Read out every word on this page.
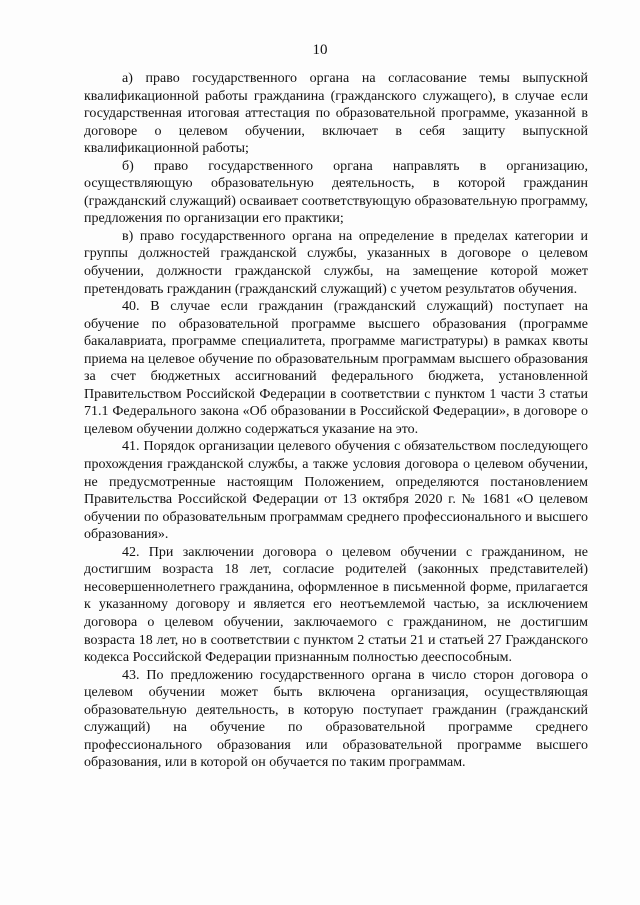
10

а) право государственного органа на согласование темы выпускной квалификационной работы гражданина (гражданского служащего), в случае если государственная итоговая аттестация по образовательной программе, указанной в договоре о целевом обучении, включает в себя защиту выпускной квалификационной работы;

б) право государственного органа направлять в организацию, осуществляющую образовательную деятельность, в которой гражданин (гражданский служащий) осваивает соответствующую образовательную программу, предложения по организации его практики;

в) право государственного органа на определение в пределах категории и группы должностей гражданской службы, указанных в договоре о целевом обучении, должности гражданской службы, на замещение которой может претендовать гражданин (гражданский служащий) с учетом результатов обучения.

40. В случае если гражданин (гражданский служащий) поступает на обучение по образовательной программе высшего образования (программе бакалавриата, программе специалитета, программе магистратуры) в рамках квоты приема на целевое обучение по образовательным программам высшего образования за счет бюджетных ассигнований федерального бюджета, установленной Правительством Российской Федерации в соответствии с пунктом 1 части 3 статьи 71.1 Федерального закона «Об образовании в Российской Федерации», в договоре о целевом обучении должно содержаться указание на это.

41. Порядок организации целевого обучения с обязательством последующего прохождения гражданской службы, а также условия договора о целевом обучении, не предусмотренные настоящим Положением, определяются постановлением Правительства Российской Федерации от 13 октября 2020 г. № 1681 «О целевом обучении по образовательным программам среднего профессионального и высшего образования».

42. При заключении договора о целевом обучении с гражданином, не достигшим возраста 18 лет, согласие родителей (законных представителей) несовершеннолетнего гражданина, оформленное в письменной форме, прилагается к указанному договору и является его неотъемлемой частью, за исключением договора о целевом обучении, заключаемого с гражданином, не достигшим возраста 18 лет, но в соответствии с пунктом 2 статьи 21 и статьей 27 Гражданского кодекса Российской Федерации признанным полностью дееспособным.

43. По предложению государственного органа в число сторон договора о целевом обучении может быть включена организация, осуществляющая образовательную деятельность, в которую поступает гражданин (гражданский служащий) на обучение по образовательной программе среднего профессионального образования или образовательной программе высшего образования, или в которой он обучается по таким программам.
